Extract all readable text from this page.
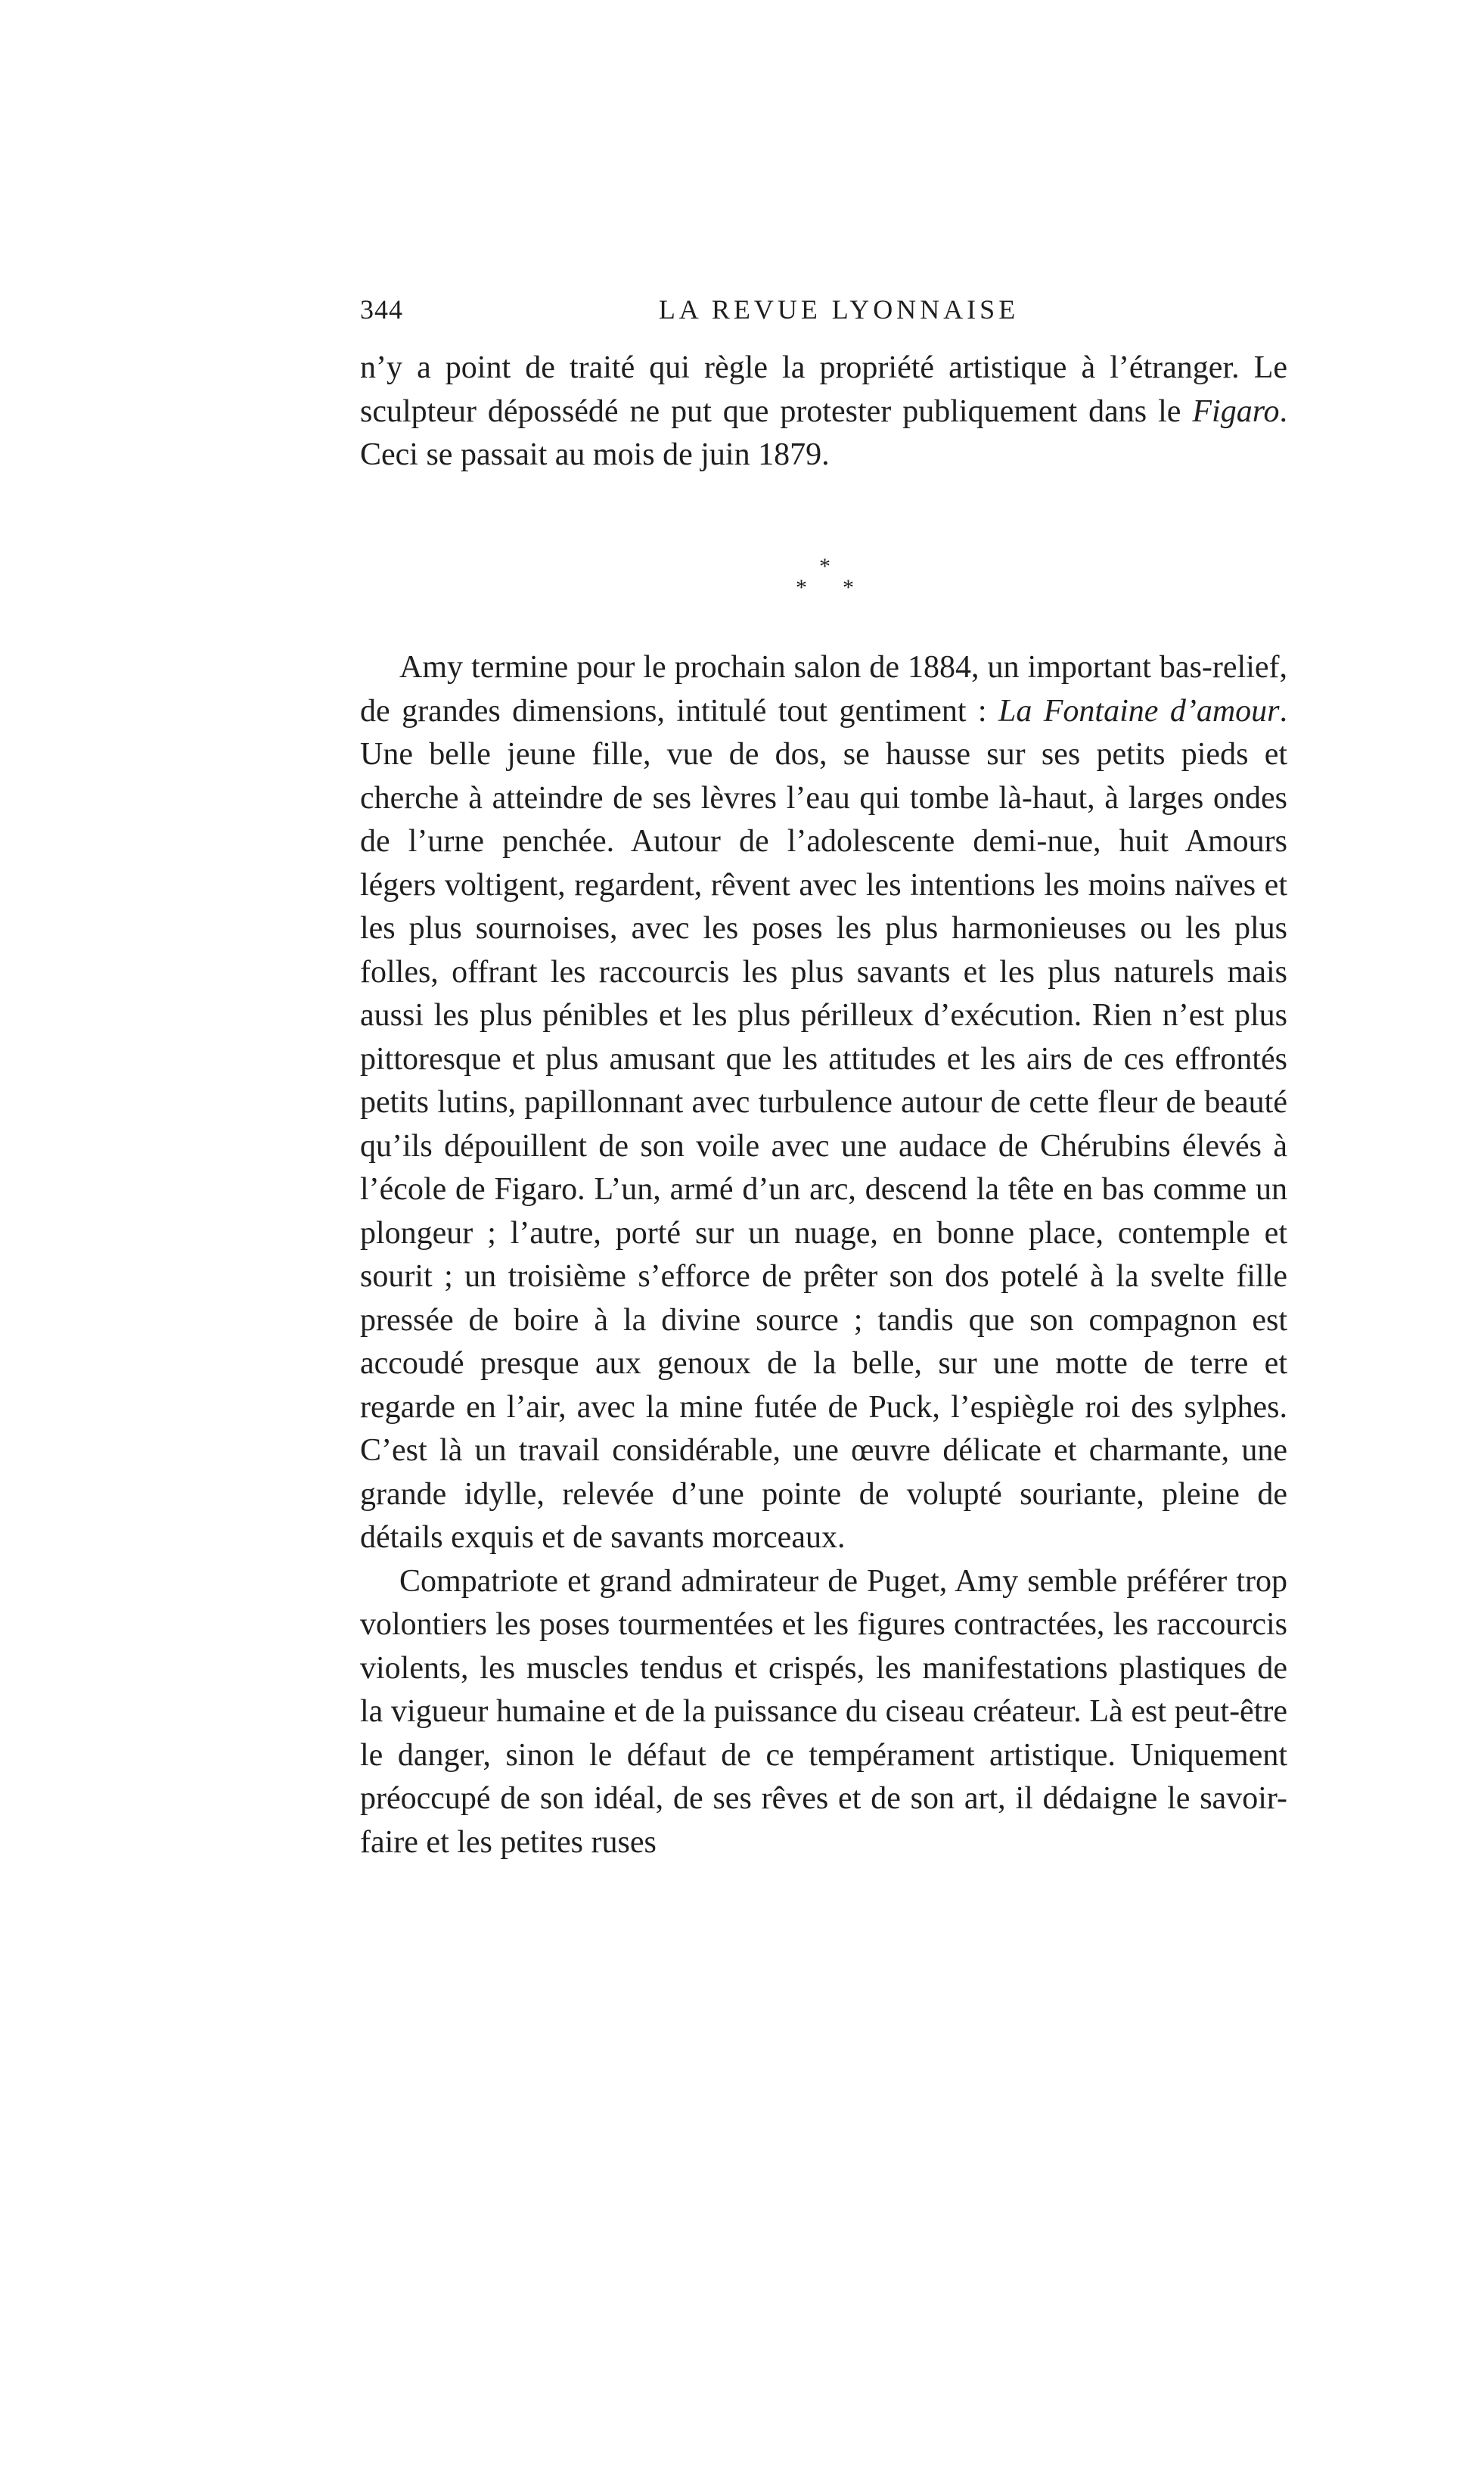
344	LA REVUE LYONNAISE

n’y a point de traité qui règle la propriété artistique à l’étranger. Le sculpteur dépossédé ne put que protester publiquement dans le Figaro. Ceci se passait au mois de juin 1879.

*
* *

Amy termine pour le prochain salon de 1884, un important bas-relief, de grandes dimensions, intitulé tout gentiment : La Fontaine d’amour. Une belle jeune fille, vue de dos, se hausse sur ses petits pieds et cherche à atteindre de ses lèvres l’eau qui tombe là-haut, à larges ondes de l’urne penchée. Autour de l’adolescente demi-nue, huit Amours légers voltigent, regardent, rêvent avec les intentions les moins naïves et les plus sournoises, avec les poses les plus harmonieuses ou les plus folles, offrant les raccourcis les plus savants et les plus naturels mais aussi les plus pénibles et les plus périlleux d’exécution. Rien n’est plus pittoresque et plus amusant que les attitudes et les airs de ces effrontés petits lutins, papillonnant avec turbulence autour de cette fleur de beauté qu’ils dépouillent de son voile avec une audace de Chérubins élevés à l’école de Figaro. L’un, armé d’un arc, descend la tête en bas comme un plongeur ; l’autre, porté sur un nuage, en bonne place, contemple et sourit ; un troisième s’efforce de prêter son dos potelé à la svelte fille pressée de boire à la divine source ; tandis que son compagnon est accoudé presque aux genoux de la belle, sur une motte de terre et regarde en l’air, avec la mine futée de Puck, l’espiègle roi des sylphes. C’est là un travail considérable, une œuvre délicate et charmante, une grande idylle, relevée d’une pointe de volupté souriante, pleine de détails exquis et de savants morceaux.

Compatriote et grand admirateur de Puget, Amy semble préférer trop volontiers les poses tourmentées et les figures contractées, les raccourcis violents, les muscles tendus et crispés, les manifestations plastiques de la vigueur humaine et de la puissance du ciseau créateur. Là est peut-être le danger, sinon le défaut de ce tempérament artistique. Uniquement préoccupé de son idéal, de ses rêves et de son art, il dédaigne le savoir-faire et les petites ruses
